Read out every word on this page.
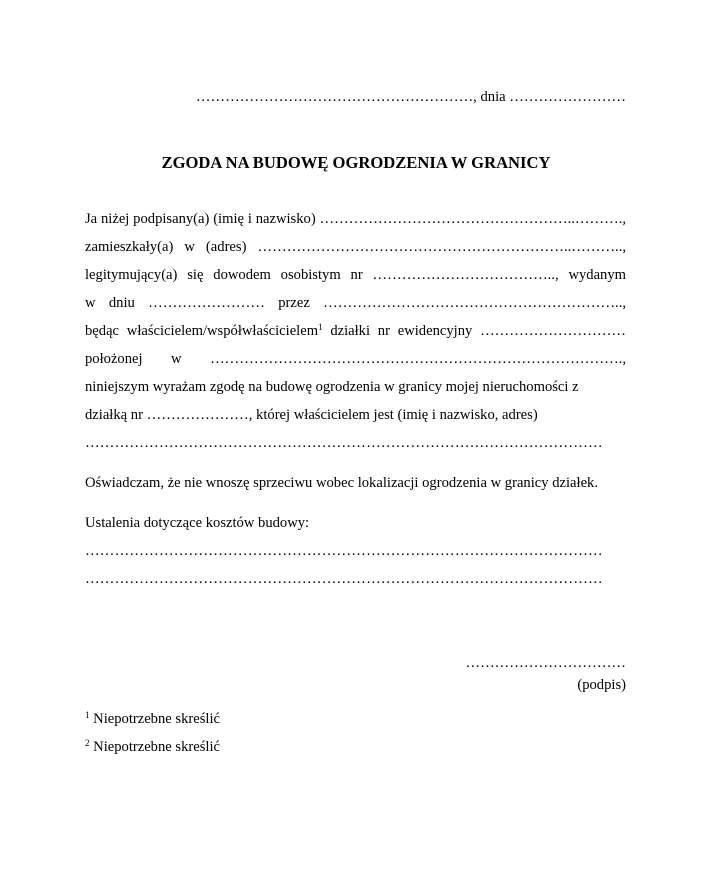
…………………………………………………, dnia ……………………
ZGODA NA BUDOWĘ OGRODZENIA W GRANICY
Ja niżej podpisany(a) (imię i nazwisko) ……………………………………………..……….,
zamieszkały(a) w (adres) ………………………………………………………..………..,
legitymujący(a) się dowodem osobistym nr ……………………………….., wydanym
w dniu …………………… przez ……………………………………………………..,
będąc właścicielem/współwłaścicielem$^1$ działki nr ewidencyjny …………………………
położonej w ………………………………………………………………………….,
niniejszym wyrażam zgodę na budowę ogrodzenia w granicy mojej nieruchomości z
działką nr …………………, której właścicielem jest (imię i nazwisko, adres)
……………………………………………………………………………………………
Oświadczam, że nie wnoszę sprzeciwu wobec lokalizacji ogrodzenia w granicy działek.
Ustalenia dotyczące kosztów budowy:
……………………………………………………………………………………………
……………………………………………………………………………………………
……………………………
(podpis)
$^1$ Niepotrzebne skreślić
$^2$ Niepotrzebne skreślić
